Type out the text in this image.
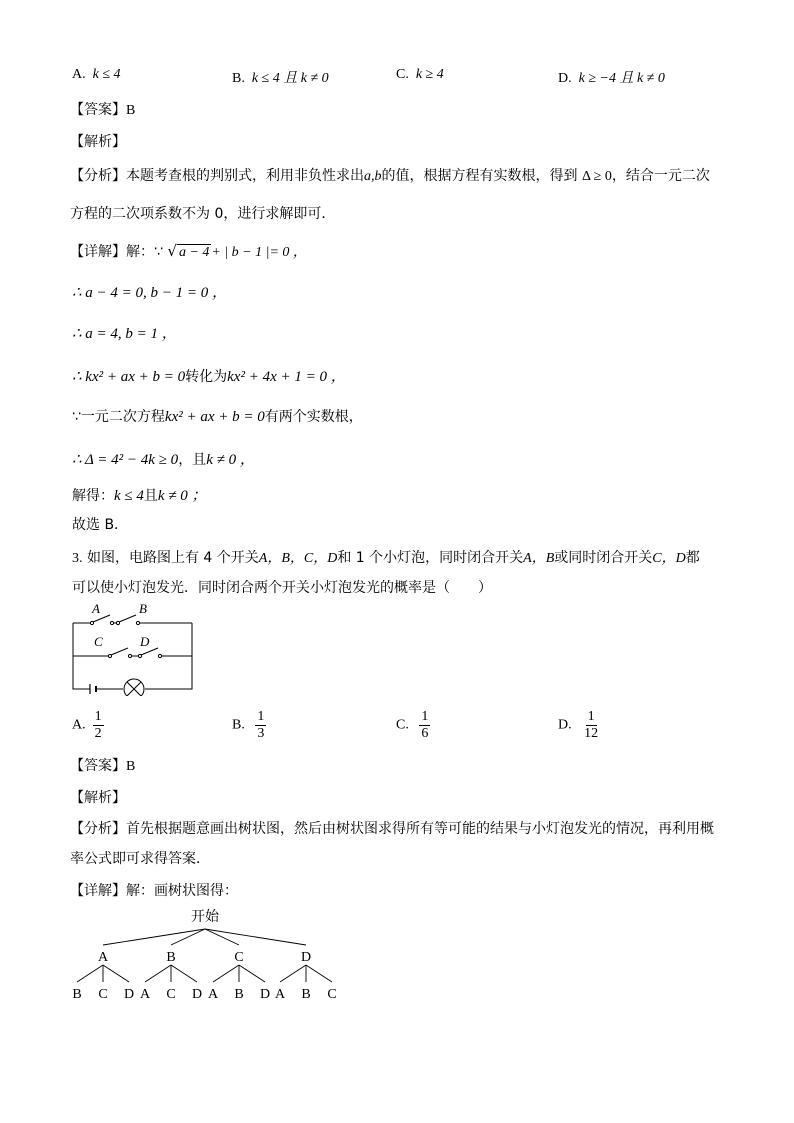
A. k ≤ 4	B. k ≤ 4 且 k ≠ 0	C. k ≥ 4	D. k ≥ −4 且 k ≠ 0
【答案】B
【解析】
【分析】本题考查根的判别式，利用非负性求出a,b的值，根据方程有实数根，得到 Δ ≥ 0，结合一元二次
方程的二次项系数不为 0，进行求解即可．
【详解】解：∵ √ a − 4 + | b − 1 |= 0 ，
∴ a − 4 = 0, b − 1 = 0 ，
∴ a = 4, b = 1 ，
∴ kx² + ax + b = 0转化为kx² + 4x + 1 = 0 ，
∵一元二次方程kx² + ax + b = 0有两个实数根，
∴ Δ = 4² − 4k ≥ 0，且k ≠ 0 ，
解得：k ≤ 4且k ≠ 0 ；
故选 B．
3. 如图，电路图上有 4 个开关A，B，C，D和 1 个小灯泡，同时闭合开关A，B或同时闭合开关C，D都
可以使小灯泡发光．同时闭合两个开关小灯泡发光的概率是（　　）
A	B
C	D
A. $\frac{1}{2}$	B. $\frac{1}{3}$	C. $\frac{1}{6}$	D. $\frac{1}{12}$
【答案】B
【解析】
【分析】首先根据题意画出树状图，然后由树状图求得所有等可能的结果与小灯泡发光的情况，再利用概
率公式即可求得答案．
【详解】解：画树状图得：
开始
A
B C D
B
A C D
C
A B D
D
A B C
